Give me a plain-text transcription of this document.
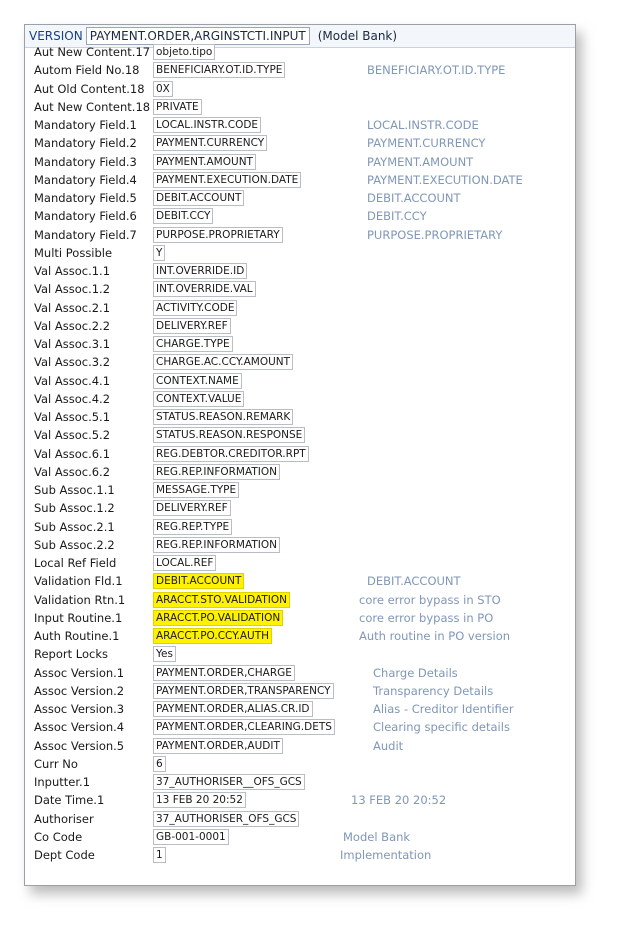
VERSION PAYMENT.ORDER,ARGINSTCTI.INPUT	(Model Bank)
Aut New Content.17 objeto.tipo
Autom Field No.18 BENEFICIARY.OT.ID.TYPE	BENEFICIARY.OT.ID.TYPE
Aut Old Content.18 0X
Aut New Content.18 PRIVATE
Mandatory Field.1 LOCAL.INSTR.CODE	LOCAL.INSTR.CODE
Mandatory Field.2 PAYMENT.CURRENCY	PAYMENT.CURRENCY
Mandatory Field.3 PAYMENT.AMOUNT	PAYMENT.AMOUNT
Mandatory Field.4 PAYMENT.EXECUTION.DATE	PAYMENT.EXECUTION.DATE
Mandatory Field.5 DEBIT.ACCOUNT	DEBIT.ACCOUNT
Mandatory Field.6 DEBIT.CCY	DEBIT.CCY
Mandatory Field.7 PURPOSE.PROPRIETARY	PURPOSE.PROPRIETARY
Multi Possible	Y
Val Assoc.1.1	INT.OVERRIDE.ID
Val Assoc.1.2	INT.OVERRIDE.VAL
Val Assoc.2.1	ACTIVITY.CODE
Val Assoc.2.2	DELIVERY.REF
Val Assoc.3.1	CHARGE.TYPE
Val Assoc.3.2	CHARGE.AC.CCY.AMOUNT
Val Assoc.4.1	CONTEXT.NAME
Val Assoc.4.2	CONTEXT.VALUE
Val Assoc.5.1	STATUS.REASON.REMARK
Val Assoc.5.2	STATUS.REASON.RESPONSE
Val Assoc.6.1	REG.DEBTOR.CREDITOR.RPT
Val Assoc.6.2	REG.REP.INFORMATION
Sub Assoc.1.1	MESSAGE.TYPE
Sub Assoc.1.2	DELIVERY.REF
Sub Assoc.2.1	REG.REP.TYPE
Sub Assoc.2.2	REG.REP.INFORMATION
Local Ref Field	LOCAL.REF
Validation Fld.1	DEBIT.ACCOUNT	DEBIT.ACCOUNT
Validation Rtn.1	ARACCT.STO.VALIDATION	core error bypass in STO
Input Routine.1	ARACCT.PO.VALIDATION	core error bypass in PO
Auth Routine.1	ARACCT.PO.CCY.AUTH	Auth routine in PO version
Report Locks	Yes
Assoc Version.1	PAYMENT.ORDER,CHARGE	Charge Details
Assoc Version.2	PAYMENT.ORDER,TRANSPARENCY	Transparency Details
Assoc Version.3	PAYMENT.ORDER,ALIAS.CR.ID	Alias - Creditor Identifier
Assoc Version.4	PAYMENT.ORDER,CLEARING.DETS	Clearing specific details
Assoc Version.5	PAYMENT.ORDER,AUDIT	Audit
Curr No	6
Inputter.1	37_AUTHORISER__OFS_GCS
Date Time.1	13 FEB 20 20:52	13 FEB 20 20:52
Authoriser	37_AUTHORISER_OFS_GCS
Co Code	GB-001-0001	Model Bank
Dept Code	1	Implementation
